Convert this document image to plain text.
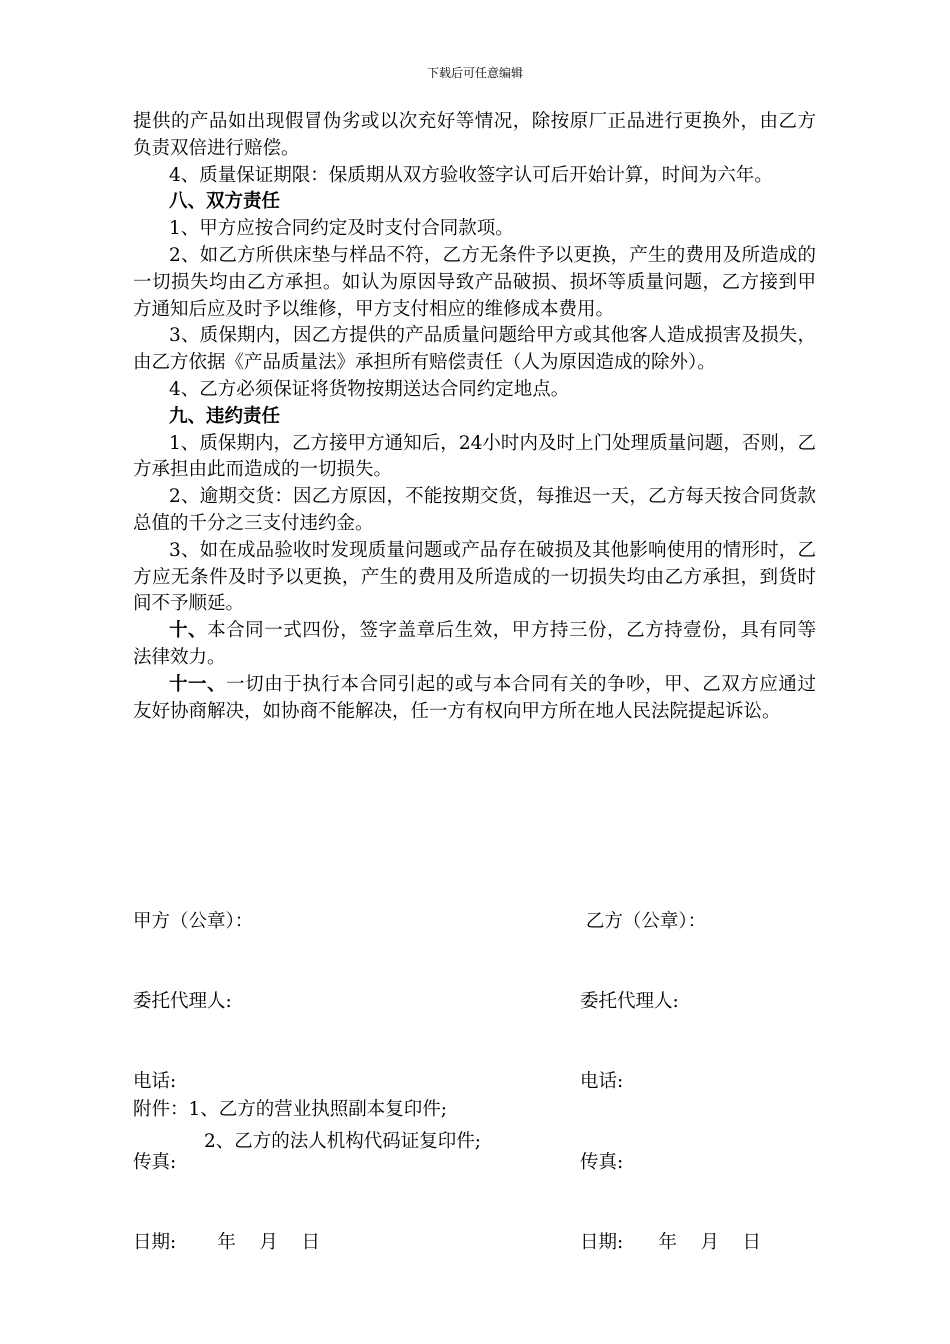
下载后可任意编辑

提供的产品如出现假冒伪劣或以次充好等情况，除按原厂正品进行更换外，由乙方负责双倍进行赔偿。

4、质量保证期限：保质期从双方验收签字认可后开始计算，时间为六年。

八、双方责任

1、甲方应按合同约定及时支付合同款项。

2、如乙方所供床垫与样品不符，乙方无条件予以更换，产生的费用及所造成的一切损失均由乙方承担。如认为原因导致产品破损、损坏等质量问题，乙方接到甲方通知后应及时予以维修，甲方支付相应的维修成本费用。

3、质保期内，因乙方提供的产品质量问题给甲方或其他客人造成损害及损失，由乙方依据《产品质量法》承担所有赔偿责任（人为原因造成的除外）。

4、乙方必须保证将货物按期送达合同约定地点。

九、违约责任

1、质保期内，乙方接甲方通知后，24小时内及时上门处理质量问题，否则，乙方承担由此而造成的一切损失。

2、逾期交货：因乙方原因，不能按期交货，每推迟一天，乙方每天按合同货款总值的千分之三支付违约金。

3、如在成品验收时发现质量问题或产品存在破损及其他影响使用的情形时，乙方应无条件及时予以更换，产生的费用及所造成的一切损失均由乙方承担，到货时间不予顺延。

十、本合同一式四份，签字盖章后生效，甲方持三份，乙方持壹份，具有同等法律效力。

十一、一切由于执行本合同引起的或与本合同有关的争吵，甲、乙双方应通过友好协商解决，如协商不能解决，任一方有权向甲方所在地人民法院提起诉讼。

甲方（公章）：

委托代理人:

电话:

传真:

日期:       年    月    日

乙方（公章）：

委托代理人:

电话:

传真:

日期:      年    月    日

附件：1、乙方的营业执照副本复印件;
2、乙方的法人机构代码证复印件;
